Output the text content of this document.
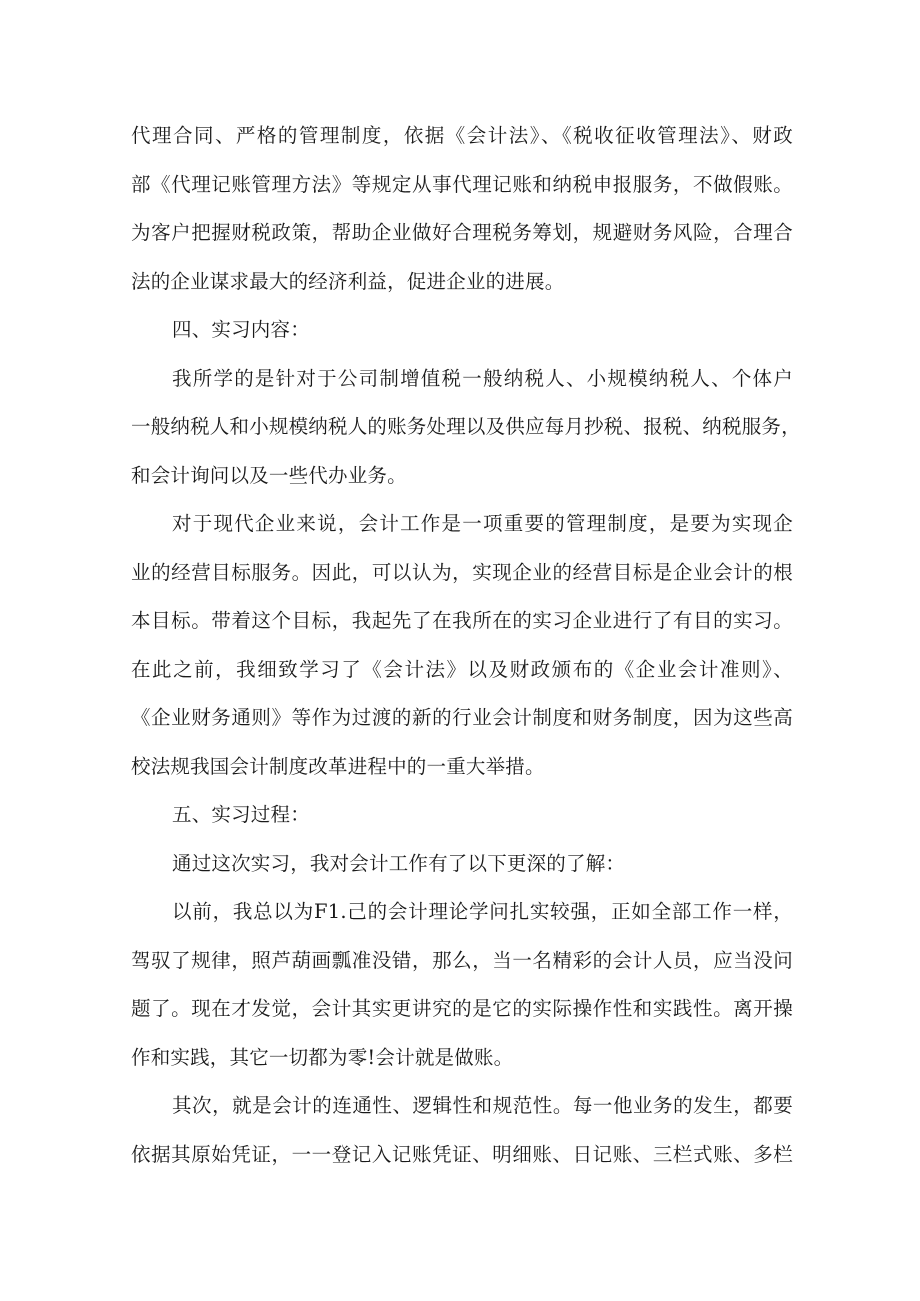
代理合同、严格的管理制度，依据《会计法》、《税收征收管理法》、财政
部《代理记账管理方法》等规定从事代理记账和纳税申报服务，不做假账。
为客户把握财税政策，帮助企业做好合理税务筹划，规避财务风险，合理合
法的企业谋求最大的经济利益，促进企业的进展。
四、实习内容：
我所学的是针对于公司制增值税一般纳税人、小规模纳税人、个体户
一般纳税人和小规模纳税人的账务处理以及供应每月抄税、报税、纳税服务，
和会计询问以及一些代办业务。
对于现代企业来说，会计工作是一项重要的管理制度，是要为实现企
业的经营目标服务。因此，可以认为，实现企业的经营目标是企业会计的根
本目标。带着这个目标，我起先了在我所在的实习企业进行了有目的实习。
在此之前，我细致学习了《会计法》以及财政颁布的《企业会计准则》、
《企业财务通则》等作为过渡的新的行业会计制度和财务制度，因为这些高
校法规我国会计制度改革进程中的一重大举措。
五、实习过程：
通过这次实习，我对会计工作有了以下更深的了解：
以前，我总以为F1.己的会计理论学问扎实较强，正如全部工作一样，
驾驭了规律，照芦葫画瓢准没错，那么，当一名精彩的会计人员，应当没问
题了。现在才发觉，会计其实更讲究的是它的实际操作性和实践性。离开操
作和实践，其它一切都为零!会计就是做账。
其次，就是会计的连通性、逻辑性和规范性。每一他业务的发生，都要
依据其原始凭证，一一登记入记账凭证、明细账、日记账、三栏式账、多栏
